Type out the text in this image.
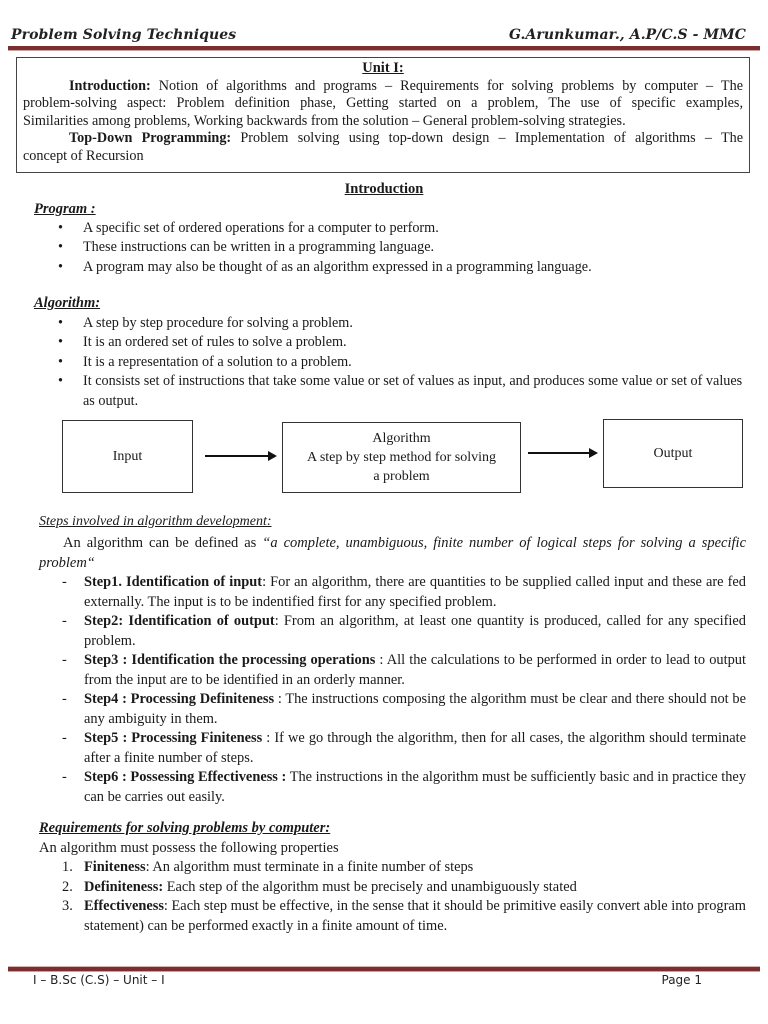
Problem Solving Techniques	G.Arunkumar., A.P/C.S - MMC
Unit I:
Introduction: Notion of algorithms and programs – Requirements for solving problems by computer – The
problem-solving aspect: Problem definition phase, Getting started on a problem, The use of specific examples,
Similarities among problems, Working backwards from the solution – General problem-solving strategies.
Top-Down Programming: Problem solving using top-down design – Implementation of algorithms – The
concept of Recursion
Introduction
Program :
• A specific set of ordered operations for a computer to perform.
• These instructions can be written in a programming language.
• A program may also be thought of as an algorithm expressed in a programming language.
Algorithm:
• A step by step procedure for solving a problem.
• It is an ordered set of rules to solve a problem.
• It is a representation of a solution to a problem.
• It consists set of instructions that take some value or set of values as input, and produces some value or set of values as output.
Input
Algorithm
A step by step method for solving
a problem
Output
Steps involved in algorithm development:
An algorithm can be defined as “a complete, unambiguous, finite number of logical steps for solving a specific problem“
- Step1. Identification of input: For an algorithm, there are quantities to be supplied called input and these are fed externally. The input is to be indentified first for any specified problem.
- Step2: Identification of output: From an algorithm, at least one quantity is produced, called for any specified problem.
- Step3 : Identification the processing operations : All the calculations to be performed in order to lead to output from the input are to be identified in an orderly manner.
- Step4 : Processing Definiteness : The instructions composing the algorithm must be clear and there should not be any ambiguity in them.
- Step5 : Processing Finiteness : If we go through the algorithm, then for all cases, the algorithm should terminate after a finite number of steps.
- Step6 : Possessing Effectiveness : The instructions in the algorithm must be sufficiently basic and in practice they can be carries out easily.
Requirements for solving problems by computer:
An algorithm must possess the following properties
1. Finiteness: An algorithm must terminate in a finite number of steps
2. Definiteness: Each step of the algorithm must be precisely and unambiguously stated
3. Effectiveness: Each step must be effective, in the sense that it should be primitive easily convert able into program statement) can be performed exactly in a finite amount of time.
I – B.Sc (C.S) – Unit – I	Page 1
